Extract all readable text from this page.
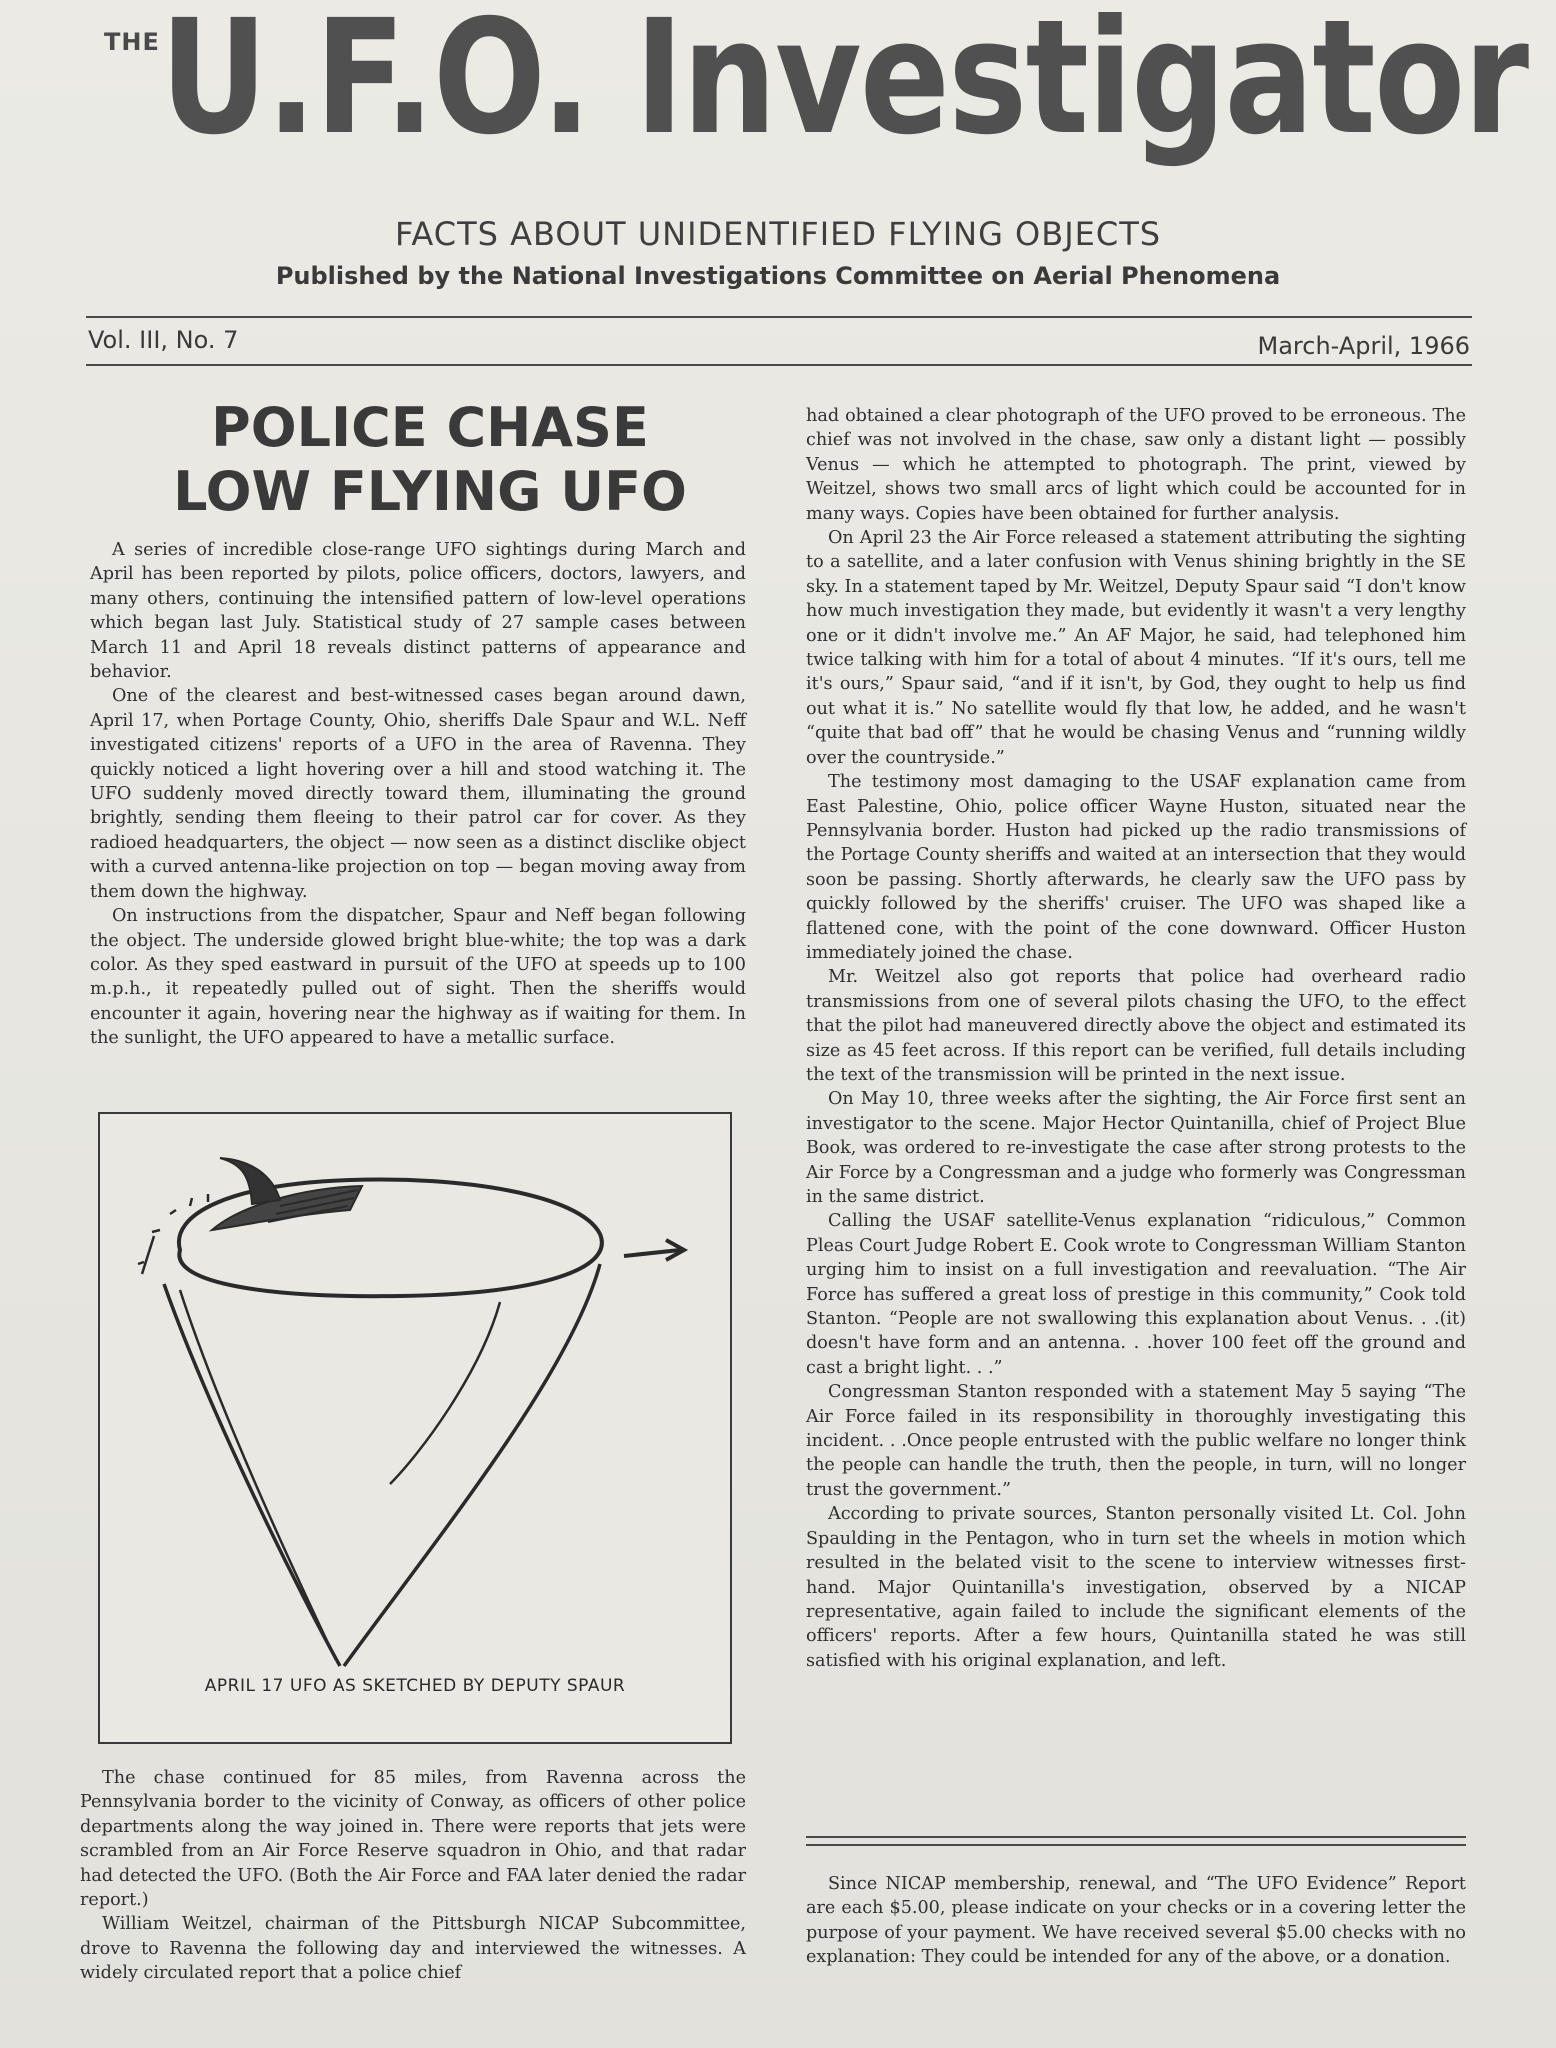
THE U.F.O. Investigator
FACTS ABOUT UNIDENTIFIED FLYING OBJECTS
Published by the National Investigations Committee on Aerial Phenomena
Vol. III, No. 7	March-April, 1966
POLICE CHASE
LOW FLYING UFO

A series of incredible close-range UFO sightings during March and April has been reported by pilots, police officers, doctors, lawyers, and many others, continuing the intensified pattern of low-level operations which began last July. Statistical study of 27 sample cases between March 11 and April 18 reveals distinct patterns of appearance and behavior.

One of the clearest and best-witnessed cases began around dawn, April 17, when Portage County, Ohio, sheriffs Dale Spaur and W.L. Neff investigated citizens' reports of a UFO in the area of Ravenna. They quickly noticed a light hovering over a hill and stood watching it. The UFO suddenly moved directly toward them, illuminating the ground brightly, sending them fleeing to their patrol car for cover. As they radioed headquarters, the object — now seen as a distinct disclike object with a curved antenna-like projection on top — began moving away from them down the highway.

On instructions from the dispatcher, Spaur and Neff began following the object. The underside glowed bright blue-white; the top was a dark color. As they sped eastward in pursuit of the UFO at speeds up to 100 m.p.h., it repeatedly pulled out of sight. Then the sheriffs would encounter it again, hovering near the highway as if waiting for them. In the sunlight, the UFO appeared to have a metallic surface.

APRIL 17 UFO AS SKETCHED BY DEPUTY SPAUR

The chase continued for 85 miles, from Ravenna across the Pennsylvania border to the vicinity of Conway, as officers of other police departments along the way joined in. There were reports that jets were scrambled from an Air Force Reserve squadron in Ohio, and that radar had detected the UFO. (Both the Air Force and FAA later denied the radar report.)

William Weitzel, chairman of the Pittsburgh NICAP Subcommittee, drove to Ravenna the following day and interviewed the witnesses. A widely circulated report that a police chief

had obtained a clear photograph of the UFO proved to be erroneous. The chief was not involved in the chase, saw only a distant light — possibly Venus — which he attempted to photograph. The print, viewed by Weitzel, shows two small arcs of light which could be accounted for in many ways. Copies have been obtained for further analysis.

On April 23 the Air Force released a statement attributing the sighting to a satellite, and a later confusion with Venus shining brightly in the SE sky. In a statement taped by Mr. Weitzel, Deputy Spaur said “I don't know how much investigation they made, but evidently it wasn't a very lengthy one or it didn't involve me.” An AF Major, he said, had telephoned him twice talking with him for a total of about 4 minutes. “If it's ours, tell me it's ours,” Spaur said, “and if it isn't, by God, they ought to help us find out what it is.” No satellite would fly that low, he added, and he wasn't “quite that bad off” that he would be chasing Venus and “running wildly over the countryside.”

The testimony most damaging to the USAF explanation came from East Palestine, Ohio, police officer Wayne Huston, situated near the Pennsylvania border. Huston had picked up the radio transmissions of the Portage County sheriffs and waited at an intersection that they would soon be passing. Shortly afterwards, he clearly saw the UFO pass by quickly followed by the sheriffs' cruiser. The UFO was shaped like a flattened cone, with the point of the cone downward. Officer Huston immediately joined the chase.

Mr. Weitzel also got reports that police had overheard radio transmissions from one of several pilots chasing the UFO, to the effect that the pilot had maneuvered directly above the object and estimated its size as 45 feet across. If this report can be verified, full details including the text of the transmission will be printed in the next issue.

On May 10, three weeks after the sighting, the Air Force first sent an investigator to the scene. Major Hector Quintanilla, chief of Project Blue Book, was ordered to re-investigate the case after strong protests to the Air Force by a Congressman and a judge who formerly was Congressman in the same district.

Calling the USAF satellite-Venus explanation “ridiculous,” Common Pleas Court Judge Robert E. Cook wrote to Congressman William Stanton urging him to insist on a full investigation and reevaluation. “The Air Force has suffered a great loss of prestige in this community,” Cook told Stanton. “People are not swallowing this explanation about Venus. . .(it) doesn't have form and an antenna. . .hover 100 feet off the ground and cast a bright light. . .”

Congressman Stanton responded with a statement May 5 saying “The Air Force failed in its responsibility in thoroughly investigating this incident. . .Once people entrusted with the public welfare no longer think the people can handle the truth, then the people, in turn, will no longer trust the government.”

According to private sources, Stanton personally visited Lt. Col. John Spaulding in the Pentagon, who in turn set the wheels in motion which resulted in the belated visit to the scene to interview witnesses first-hand. Major Quintanilla's investigation, observed by a NICAP representative, again failed to include the significant elements of the officers' reports. After a few hours, Quintanilla stated he was still satisfied with his original explanation, and left.

Since NICAP membership, renewal, and “The UFO Evidence” Report are each $5.00, please indicate on your checks or in a covering letter the purpose of your payment. We have received several $5.00 checks with no explanation: They could be intended for any of the above, or a donation.
